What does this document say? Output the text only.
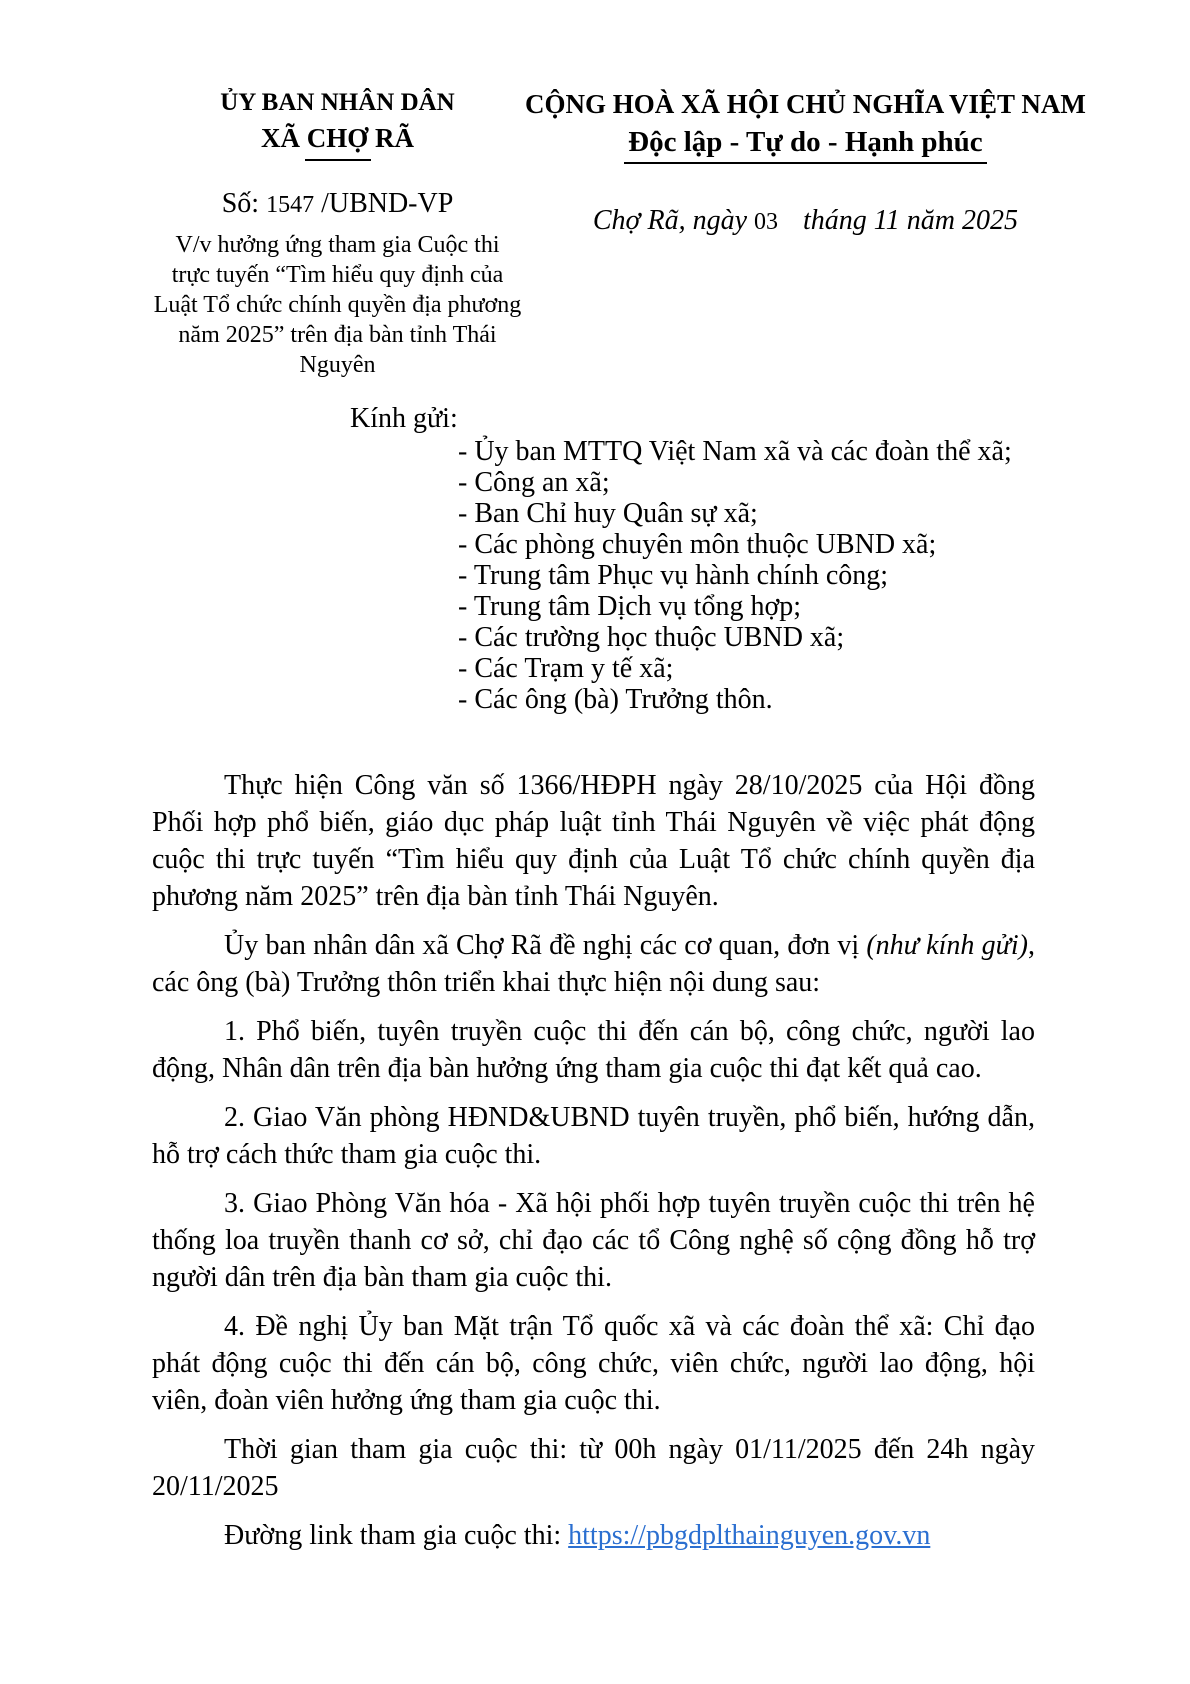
ỦY BAN NHÂN DÂN
XÃ CHỢ RÃ
Số: 1547 /UBND-VP
V/v hưởng ứng tham gia Cuộc thi trực tuyến “Tìm hiểu quy định của Luật Tổ chức chính quyền địa phương năm 2025” trên địa bàn tỉnh Thái Nguyên
CỘNG HOÀ XÃ HỘI CHỦ NGHĨA VIỆT NAM
Độc lập - Tự do - Hạnh phúc
Chợ Rã, ngày 03 tháng 11 năm 2025
Kính gửi:
- Ủy ban MTTQ Việt Nam xã và các đoàn thể xã;
- Công an xã;
- Ban Chỉ huy Quân sự xã;
- Các phòng chuyên môn thuộc UBND xã;
- Trung tâm Phục vụ hành chính công;
- Trung tâm Dịch vụ tổng hợp;
- Các trường học thuộc UBND xã;
- Các Trạm y tế xã;
- Các ông (bà) Trưởng thôn.

Thực hiện Công văn số 1366/HĐPH ngày 28/10/2025 của Hội đồng Phối hợp phổ biến, giáo dục pháp luật tỉnh Thái Nguyên về việc phát động cuộc thi trực tuyến “Tìm hiểu quy định của Luật Tổ chức chính quyền địa phương năm 2025” trên địa bàn tỉnh Thái Nguyên.

Ủy ban nhân dân xã Chợ Rã đề nghị các cơ quan, đơn vị (như kính gửi), các ông (bà) Trưởng thôn triển khai thực hiện nội dung sau:

1. Phổ biến, tuyên truyền cuộc thi đến cán bộ, công chức, người lao động, Nhân dân trên địa bàn hưởng ứng tham gia cuộc thi đạt kết quả cao.

2. Giao Văn phòng HĐND&UBND tuyên truyền, phổ biến, hướng dẫn, hỗ trợ cách thức tham gia cuộc thi.

3. Giao Phòng Văn hóa - Xã hội phối hợp tuyên truyền cuộc thi trên hệ thống loa truyền thanh cơ sở, chỉ đạo các tổ Công nghệ số cộng đồng hỗ trợ người dân trên địa bàn tham gia cuộc thi.

4. Đề nghị Ủy ban Mặt trận Tổ quốc xã và các đoàn thể xã: Chỉ đạo phát động cuộc thi đến cán bộ, công chức, viên chức, người lao động, hội viên, đoàn viên hưởng ứng tham gia cuộc thi.

Thời gian tham gia cuộc thi: từ 00h ngày 01/11/2025 đến 24h ngày 20/11/2025

Đường link tham gia cuộc thi: https://pbgdplthainguyen.gov.vn
